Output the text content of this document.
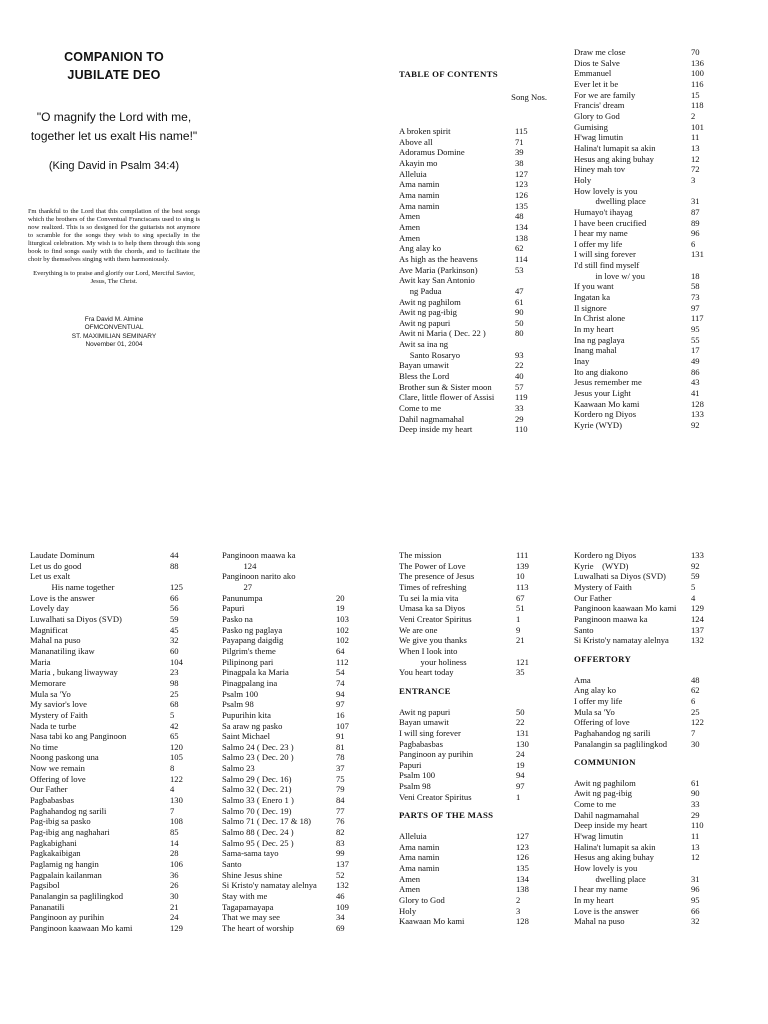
COMPANION TO
JUBILATE DEO
"O magnify the Lord with me, together let us exalt His name!"
(King David in Psalm 34:4)
I'm thankful to the Lord that this compilation of the best songs which the brothers of the Conventual Franciscans used to sing is now realized. This is so designed for the guitarists not anymore to scramble for the songs they wish to sing specially in the liturgical celebration. My wish is to help them through this song book to find songs easily with the chords, and to facilitate the choir by themselves singing with them harmoniously.
Everything is to praise and glorify our Lord, Merciful Savior, Jesus, The Christ.
Fra David M. Almine
OFMCONVENTUAL
ST. MAXIMILIAN SEMINARY
November 01, 2004
TABLE OF CONTENTS
Song Nos.
A broken spirit	115
Above all	71
Adoramus Domine	39
Akayin mo	38
Alleluia	127
Ama namin	123
Ama namin	126
Ama namin	135
Amen	48
Amen	134
Amen	138
Ang alay ko	62
As high as the heavens	114
Ave Maria (Parkinson)	53
Awit kay San Antonio
ng Padua	47
Awit ng paghilom	61
Awit ng pag-ibig	90
Awit ng papuri	50
Awit ni Maria ( Dec. 22 )	80
Awit sa ina ng
Santo Rosaryo	93
Bayan umawit	22
Bless the Lord	40
Brother sun & Sister moon	57
Clare, little flower of Assisi	119
Come to me	33
Dahil nagmamahal	29
Deep inside my heart	110
Draw me close	70
Dios te Salve	136
Emmanuel	100
Ever let it be	116
For we are family	15
Francis' dream	118
Glory to God	2
Gumising	101
H'wag limutin	11
Halina't lumapit sa akin	13
Hesus ang aking buhay	12
Hiney mah tov	72
Holy	3
How lovely is you
dwelling place	31
Humayo't ihayag	87
I have been crucified	89
I hear my name	96
I offer my life	6
I will sing forever	131
I'd still find myself
in love w/ you	18
If you want	58
Ingatan ka	73
Il signore	97
In Christ alone	117
In my heart	95
Ina ng paglaya	55
Inang mahal	17
Inay	49
Ito ang diakono	86
Jesus remember me	43
Jesus your Light	41
Kaawaan Mo kami	128
Kordero ng Diyos	133
Kyrie (WYD)	92
Laudate Dominum	44
Let us do good	88
Let us exalt
His name together	125
Love is the answer	66
Lovely day	56
Luwalhati sa Diyos (SVD)	59
Magnificat	45
Mahal na puso	32
Mananatiling ikaw	60
Maria	104
Maria , bukang liwayway	23
Memorare	98
Mula sa 'Yo	25
My savior's love	68
Mystery of Faith	5
Nada te turbe	42
Nasa tabi ko ang Panginoon	65
No time	120
Noong paskong una	105
Now we remain	8
Offering of love	122
Our Father	4
Pagbabasbas	130
Paghahandog ng sarili	7
Pag-ibig sa pasko	108
Pag-ibig ang naghahari	85
Pagkabighani	14
Pagkakaibigan	28
Paglamig ng hangin	106
Pagpalain kailanman	36
Pagsibol	26
Panalangin sa paglilingkod	30
Pananatili	21
Panginoon ay purihin	24
Panginoon kaawaan Mo kami	129
Panginoon maawa ka
124
Panginoon narito ako
27
Panunumpa	20
Papuri	19
Pasko na	103
Pasko ng paglaya	102
Payapang daigdig	102
Pilgrim's theme	64
Pilipinong pari	112
Pinagpala ka Maria	54
Pinagpalang ina	74
Psalm 100	94
Psalm 98	97
Pupurihin kita	16
Sa araw ng pasko	107
Saint Michael	91
Salmo 24 ( Dec. 23 )	81
Salmo 23 ( Dec. 20 )	78
Salmo 23	37
Salmo 29 ( Dec. 16)	75
Salmo 32 ( Dec. 21)	79
Salmo 33 ( Enero 1 )	84
Salmo 70 ( Dec. 19)	77
Salmo 71 ( Dec. 17 & 18)	76
Salmo 88 ( Dec. 24 )	82
Salmo 95 ( Dec. 25 )	83
Sama-sama tayo	99
Santo	137
Shine Jesus shine	52
Si Kristo'y namatay alelnya	132
Stay with me	46
Tagapamayapa	109
That we may see	34
The heart of worship	69
The mission	111
The Power of Love	139
The presence of Jesus	10
Times of refreshing	113
Tu sei la mia vita	67
Umasa ka sa Diyos	51
Veni Creator Spiritus	1
We are one	9
We give you thanks	21
When I look into
your holiness	121
You heart today	35
ENTRANCE
Awit ng papuri	50
Bayan umawit	22
I will sing forever	131
Pagbabasbas	130
Panginoon ay purihin	24
Papuri	19
Psalm 100	94
Psalm 98	97
Veni Creator Spiritus	1
PARTS OF THE MASS
Alleluia	127
Ama namin	123
Ama namin	126
Ama namin	135
Amen	134
Amen	138
Glory to God	2
Holy	3
Kaawaan Mo kami	128
Kordero ng Diyos	133
Kyrie    (WYD)	92
Luwalhati sa Diyos (SVD)	59
Mystery of Faith	5
Our Father	4
Panginoon kaawaan Mo kami	129
Panginoon maawa ka	124
Santo	137
Si Kristo'y namatay alelnya	132
OFFERTORY
Ama	48
Ang alay ko	62
I offer my life	6
Mula sa 'Yo	25
Offering of love	122
Paghahandog ng sarili	7
Panalangin sa paglilingkod	30
COMMUNION
Awit ng paghilom	61
Awit ng pag-ibig	90
Come to me	33
Dahil nagmamahal	29
Deep inside my heart	110
H'wag limutin	11
Halina't lumapit sa akin	13
Hesus ang aking buhay	12
How lovely is you
dwelling place	31
I hear my name	96
In my heart	95
Love is the answer	66
Mahal na puso	32
